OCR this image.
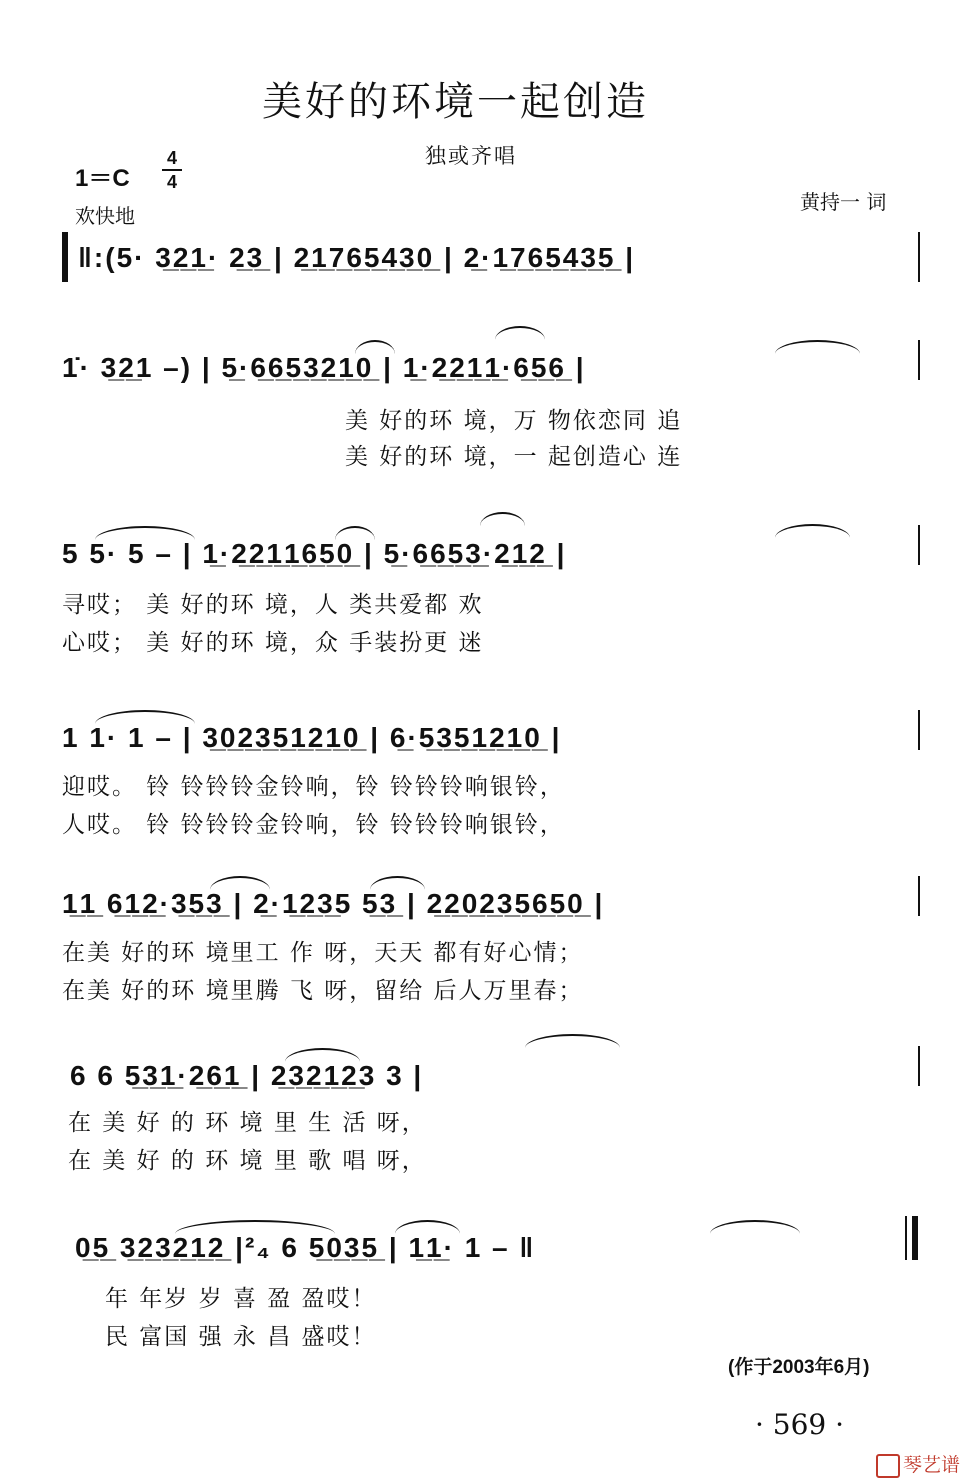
美好的环境一起创造
独或齐唱
1＝C
4
4
欢快地
黄持一 词
‖:(5· 3̲2̲1̲· 2̲3̲ | 2̲1̲7̲6̲5̲4̲3̲0̲ | 2̲·1̲7̲6̲5̲4̲3̲5̲ |
1̇· 3̲2̲1 –) | 5̲·6̲6̲5̲3̲2̲1̲0̲ | 1̲·2̲2̲1̲1̲·6̲5̲6̲ |
美 好的环 境，万 物依恋同 追
美 好的环 境，一 起创造心 连
5 5· 5 – | 1̲·2̲2̲1̲1̲6̲5̲0̲ | 5̲·6̲6̲5̲3̲·2̲1̲2̲ |
寻哎； 美 好的环 境，人 类共爱都 欢
心哎； 美 好的环 境，众 手装扮更 迷
1 1· 1 – | 3̲0̲2̲3̲5̲1̲2̲1̲0̲ | 6̲·5̲3̲5̲1̲2̲1̲0̲ |
迎哎。 铃 铃铃铃金铃响，铃 铃铃铃响银铃，
人哎。 铃 铃铃铃金铃响，铃 铃铃铃响银铃，
1̲1̲ 6̲1̲2̲·3̲5̲3̲ | 2̲·1̲2̲3̲5 5̲3̲ | 2̲2̲0̲2̲3̲5̲6̲5̲0̲ |
在美 好的环 境里工 作 呀，天天 都有好心情；
在美 好的环 境里腾 飞 呀，留给 后人万里春；
6 6 5̲3̲1̲·2̲6̲1̲ | 2̲3̲2̲1̲2̲3 3 |
在 美 好 的 环 境 里 生 活 呀，
在 美 好 的 环 境 里 歌 唱 呀，
0̲5̲ 3̲2̲3̲2̲1̲2̲ |²₄ 6 5̲0̲3̲5̲ | 1̲1̲· 1 – ‖
年 年岁 岁 喜 盈 盈哎！
民 富国 强 永 昌 盛哎！
(作于2003年6月)
· 569 ·
琴艺谱
